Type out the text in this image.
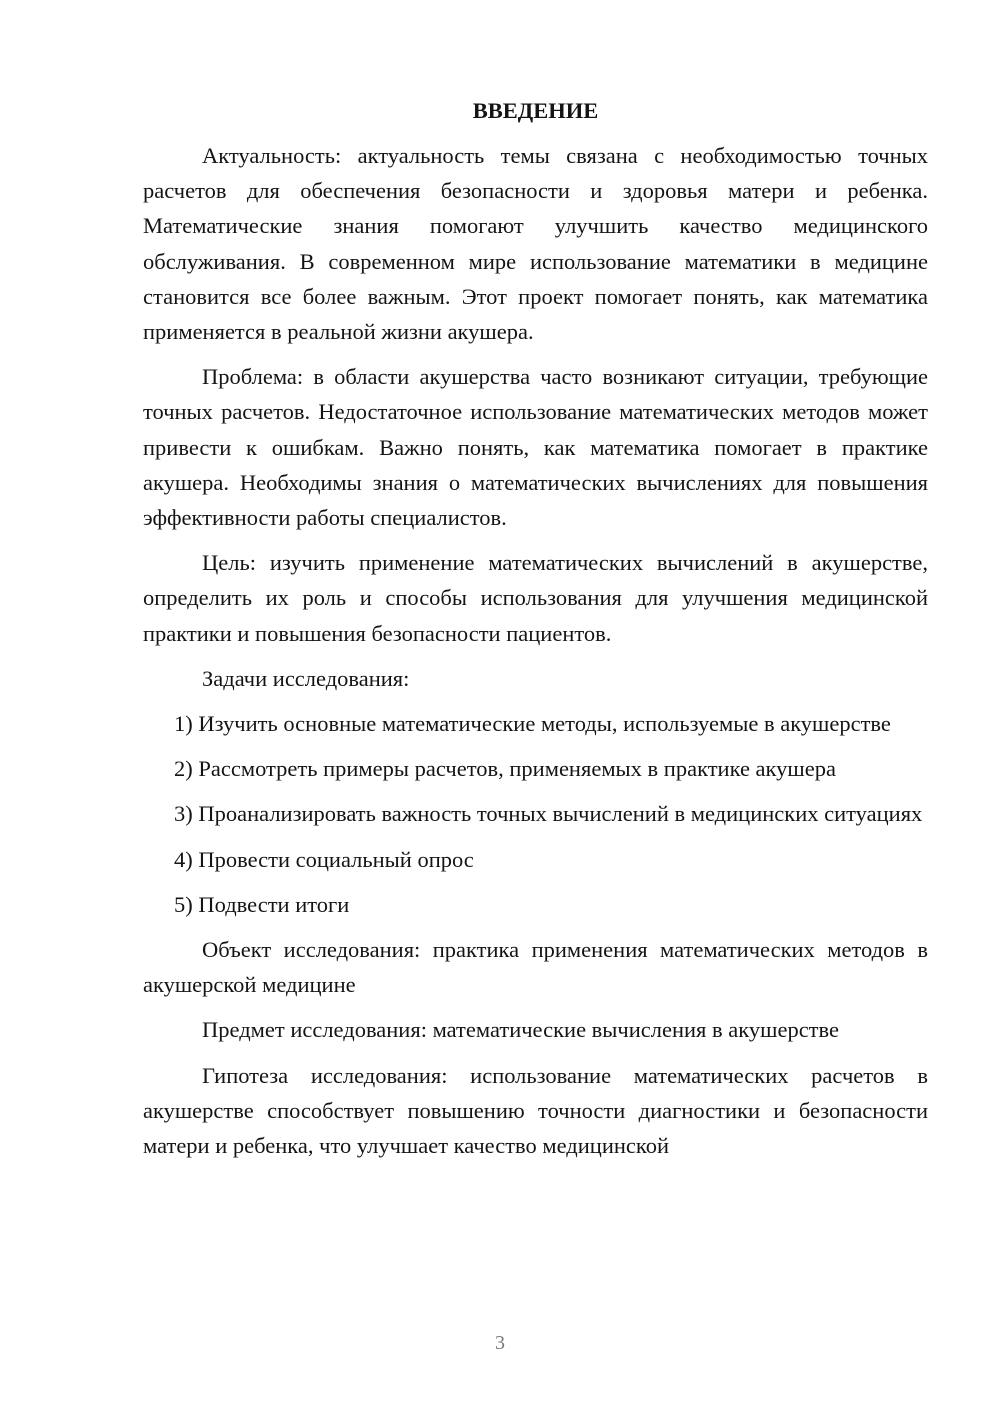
ВВЕДЕНИЕ

Актуальность: актуальность темы связана с необходимостью точных расчетов для обеспечения безопасности и здоровья матери и ребенка. Математические знания помогают улучшить качество медицинского обслуживания. В современном мире использование математики в медицине становится все более важным. Этот проект помогает понять, как математика применяется в реальной жизни акушера.

Проблема: в области акушерства часто возникают ситуации, требующие точных расчетов. Недостаточное использование математических методов может привести к ошибкам. Важно понять, как математика помогает в практике акушера. Необходимы знания о математических вычислениях для повышения эффективности работы специалистов.

Цель: изучить применение математических вычислений в акушерстве, определить их роль и способы использования для улучшения медицинской практики и повышения безопасности пациентов.

Задачи исследования:

1) Изучить основные математические методы, используемые в акушерстве

2) Рассмотреть примеры расчетов, применяемых в практике акушера

3) Проанализировать важность точных вычислений в медицинских ситуациях

4) Провести социальный опрос

5) Подвести итоги

Объект исследования: практика применения математических методов в акушерской медицине

Предмет исследования: математические вычисления в акушерстве

Гипотеза исследования: использование математических расчетов в акушерстве способствует повышению точности диагностики и безопасности матери и ребенка, что улучшает качество медицинской

3
